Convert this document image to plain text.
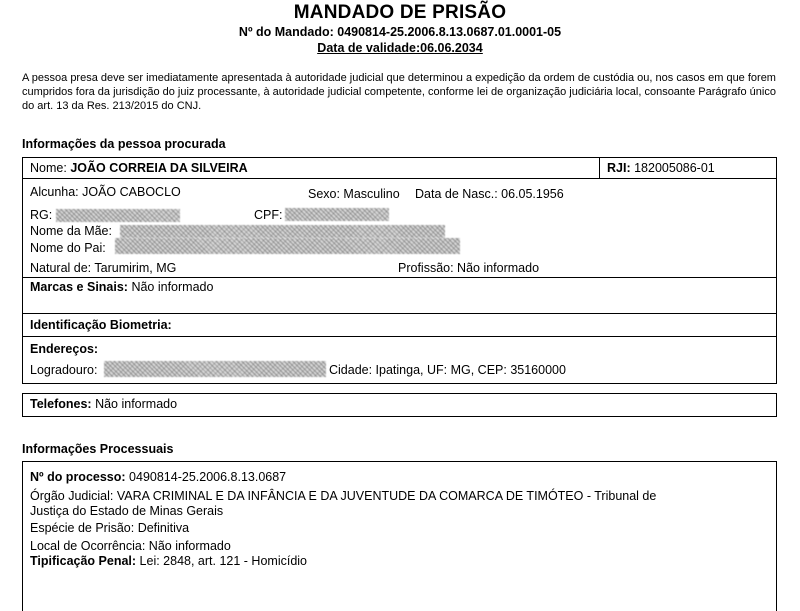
MANDADO DE PRISÃO
Nº do Mandado: 0490814-25.2006.8.13.0687.01.0001-05
Data de validade:06.06.2034
A pessoa presa deve ser imediatamente apresentada à autoridade judicial que determinou a expedição da ordem de custódia ou, nos casos em que forem cumpridos fora da jurisdição do juiz processante, à autoridade judicial competente, conforme lei de organização judiciária local, consoante Parágrafo único do art. 13 da Res. 213/2015 do CNJ.
Informações da pessoa procurada
Nome: JOÃO CORREIA DA SILVEIRA	RJI: 182005086-01
Alcunha: JOÃO CABOCLO	Sexo: Masculino Data de Nasc.: 06.05.1956
RG:	CPF:
Nome da Mãe:
Nome do Pai:
Natural de: Tarumirim, MG	Profissão: Não informado
Marcas e Sinais: Não informado
Identificação Biometria:
Endereços:
Logradouro:	Cidade: Ipatinga, UF: MG, CEP: 35160000
Telefones: Não informado
Informações Processuais
Nº do processo: 0490814-25.2006.8.13.0687
Órgão Judicial: VARA CRIMINAL E DA INFÂNCIA E DA JUVENTUDE DA COMARCA DE TIMÓTEO - Tribunal de
Justiça do Estado de Minas Gerais
Espécie de Prisão: Definitiva
Local de Ocorrência: Não informado
Tipificação Penal: Lei: 2848, art. 121 - Homicídio
